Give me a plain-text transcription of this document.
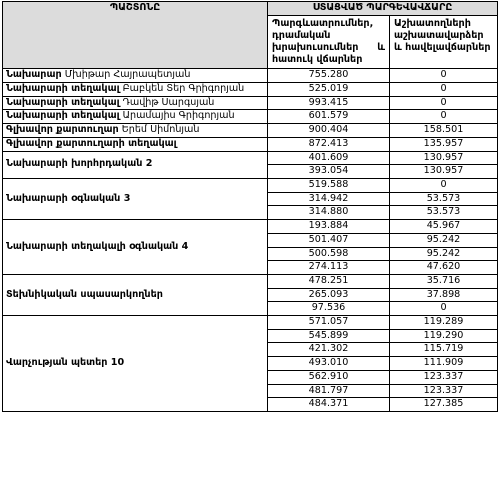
ՊԱՇՏՈՆԸ	ՍՏԱՑՎԱԾ ՊԱՐԳԵՎԱՎՃԱՐԸ	
	Պարգևատրումներ, դրամական խրախուսումներ և հատուկ վճարներ	Աշխատողների աշխատավարձեր և հավելավճարներ
Նախարար Մխիթար Հայրապետյան	755.280	0
Նախարարի տեղակալ Բաբկեն Տեր Գրիգորյան	525.019	0
Նախարարի տեղակալ Դավիթ Սարգսյան	993.415	0
Նախարարի տեղակալ Արամայիս Գրիգորյան	601.579	0
Գլխավոր քարտուղար Երեմ Սիմոնյան	900.404	158.501
Գլխավոր քարտուղարի տեղակալ	872.413	135.957
Նախարարի խորհրդական 2	401.609	130.957
	393.054	130.957
Նախարարի օգնական 3	519.588	0
	314.942	53.573
	314.880	53.573
Նախարարի տեղակալի օգնական 4	193.884	45.967
	501.407	95.242
	500.598	95.242
	274.113	47.620
Տեխնիկական սպասարկողներ	478.251	35.716
	265.093	37.898
	97.536	0
Վարչության պետեր 10	571.057	119.289
	545.899	119.290
	421.302	115.719
	493.010	111.909
	562.910	123.337
	481.797	123.337
	484.371	127.385
